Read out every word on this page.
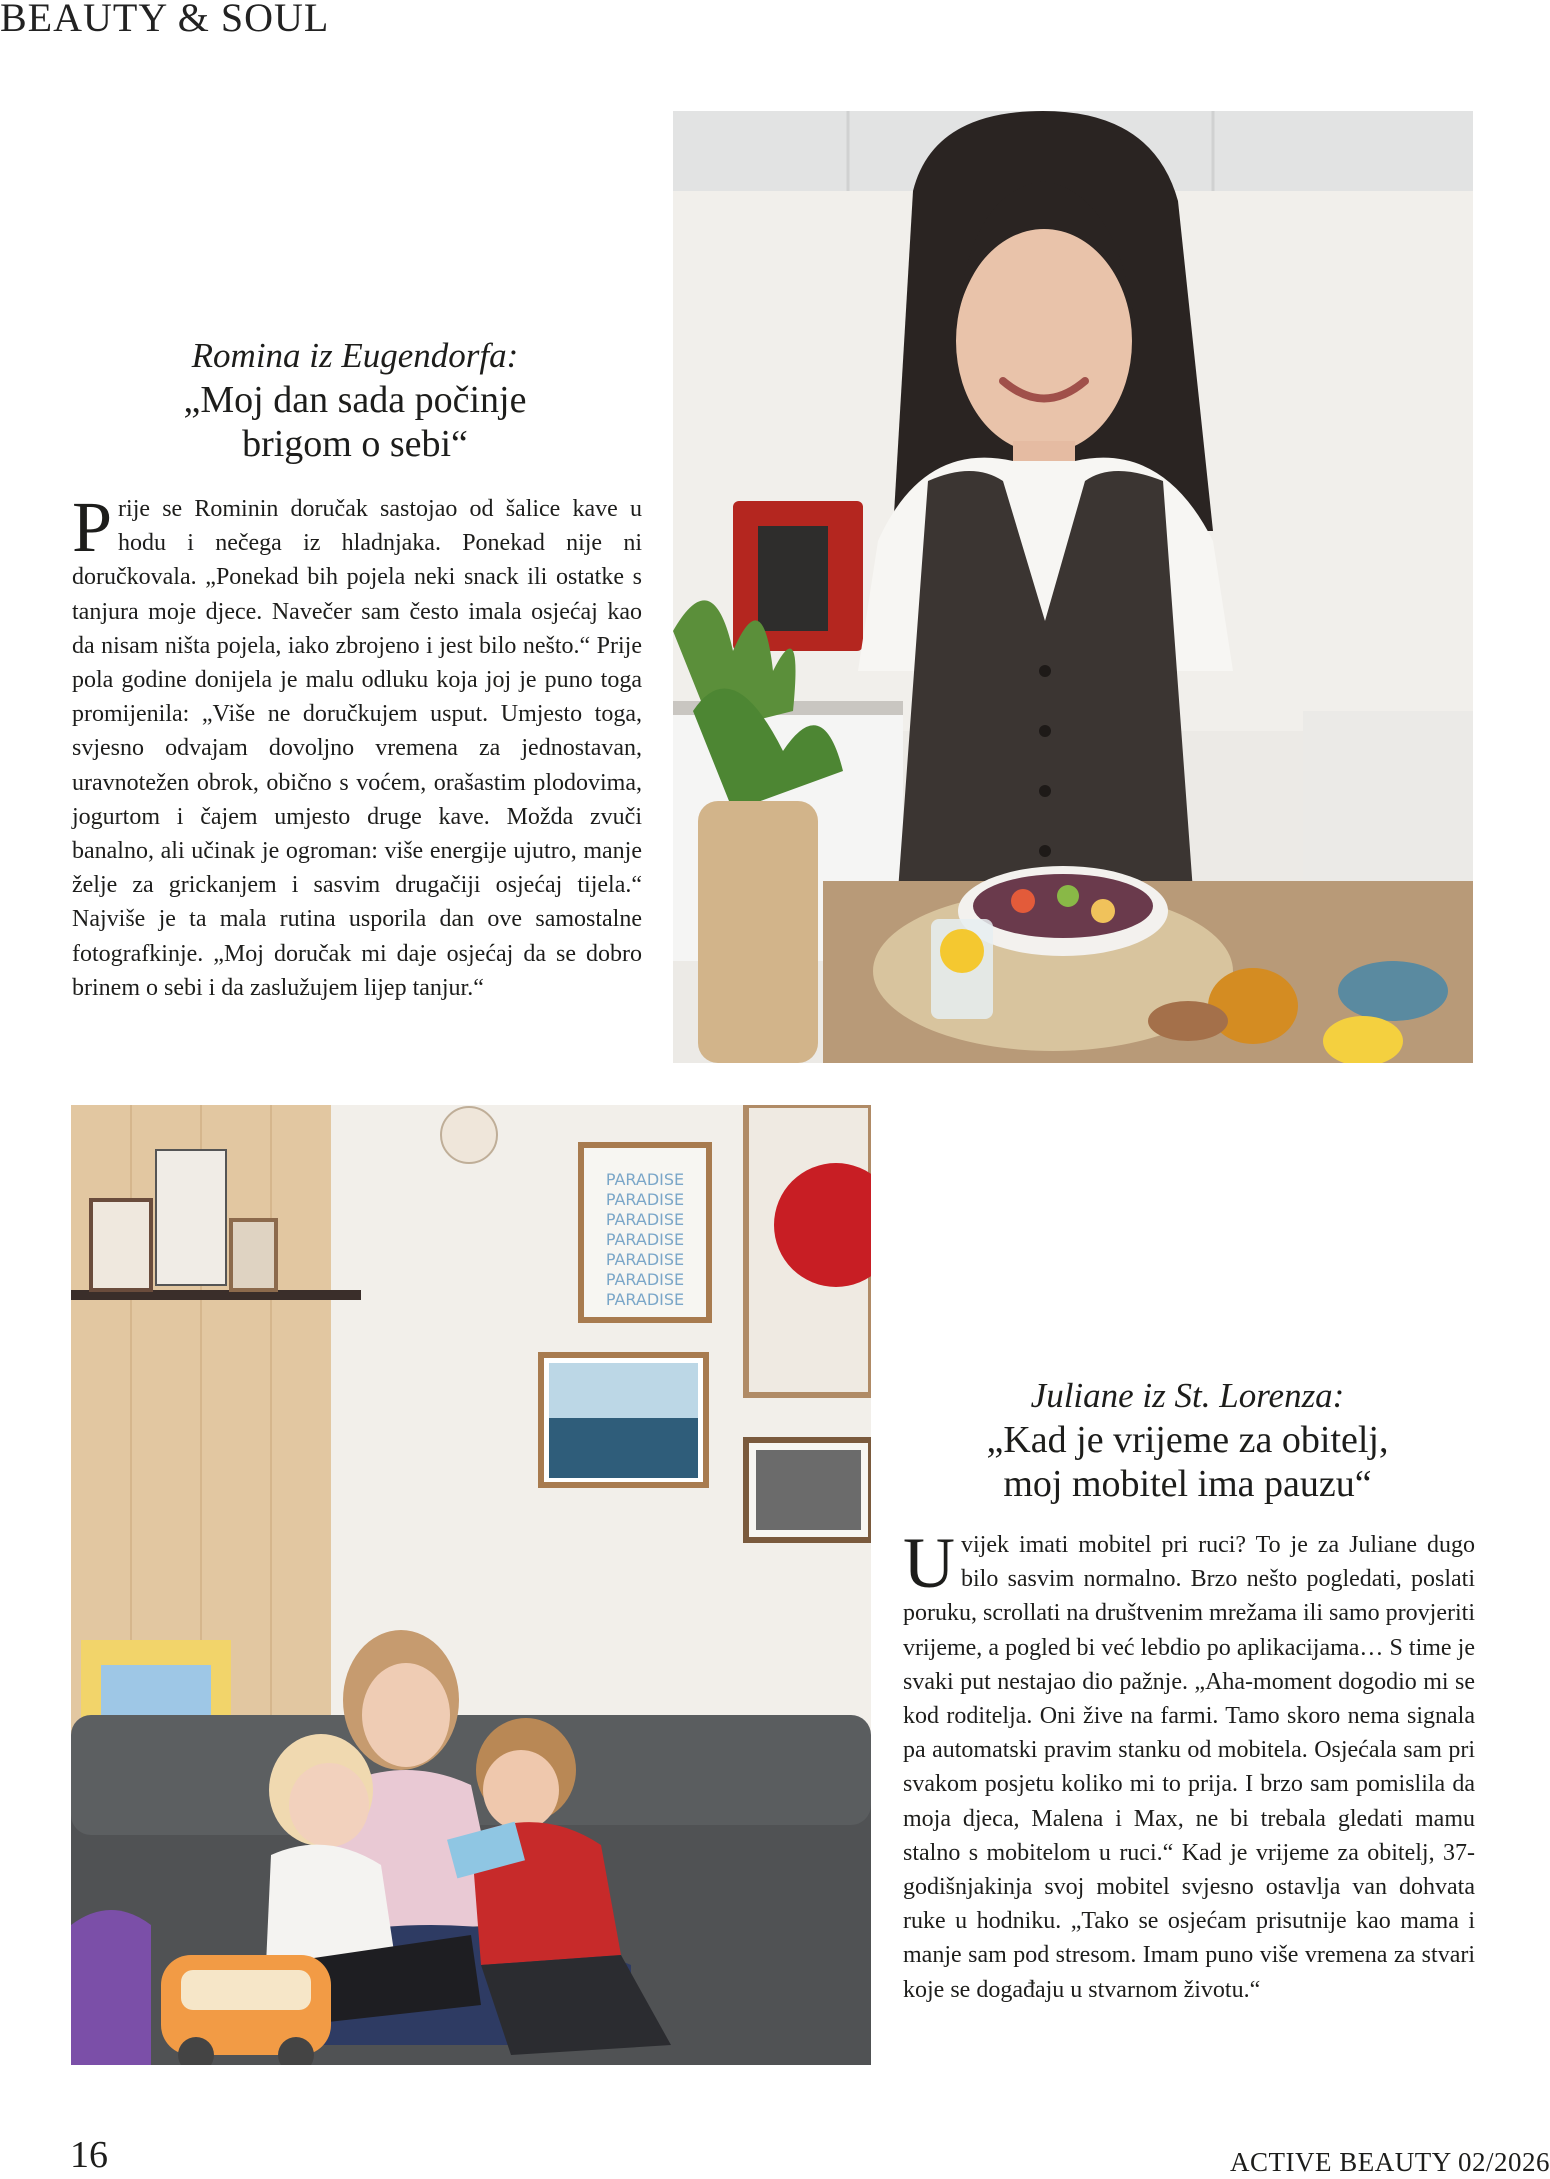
BEAUTY & SOUL
Romina iz Eugendorfa:
„Moj dan sada počinje
brigom o sebi“
Prije se Rominin doručak sastojao od šalice kave u hodu i nečega iz hladnjaka. Ponekad nije ni doručkovala. „Ponekad bih pojela neki snack ili ostatke s tanjura moje djece. Navečer sam često imala osjećaj kao da nisam ništa pojela, iako zbrojeno i jest bilo nešto.“ Prije pola godine donijela je malu odluku koja joj je puno toga promijenila: „Više ne doručkujem usput. Umjesto toga, svjesno odvajam dovoljno vremena za jednostavan, uravnotežen obrok, obično s voćem, orašastim plodovima, jogurtom i čajem umjesto druge kave. Možda zvuči banalno, ali učinak je ogroman: više energije ujutro, manje želje za grickanjem i sasvim drugačiji osjećaj tijela.“ Najviše je ta mala rutina usporila dan ove samostalne fotografkinje. „Moj doručak mi daje osjećaj da se dobro brinem o sebi i da zaslužujem lijep tanjur.“
PARADISE
PARADISE
PARADISE
PARADISE
PARADISE
PARADISE
PARADISE
Juliane iz St. Lorenza:
„Kad je vrijeme za obitelj,
moj mobitel ima pauzu“
Uvijek imati mobitel pri ruci? To je za Juliane dugo bilo sasvim normalno. Brzo nešto pogledati, poslati poruku, scrollati na društvenim mrežama ili samo provjeriti vrijeme, a pogled bi već lebdio po aplikacijama… S time je svaki put nestajao dio pažnje. „Aha-moment dogodio mi se kod roditelja. Oni žive na farmi. Tamo skoro nema signala pa automatski pravim stanku od mobitela. Osjećala sam pri svakom posjetu koliko mi to prija. I brzo sam pomislila da moja djeca, Malena i Max, ne bi trebala gledati mamu stalno s mobitelom u ruci.“ Kad je vrijeme za obitelj, 37-godišnjakinja svoj mobitel svjesno ostavlja van dohvata ruke u hodniku. „Tako se osjećam prisutnije kao mama i manje sam pod stresom. Imam puno više vremena za stvari koje se događaju u stvarnom životu.“
16	ACTIVE BEAUTY 02/2026
